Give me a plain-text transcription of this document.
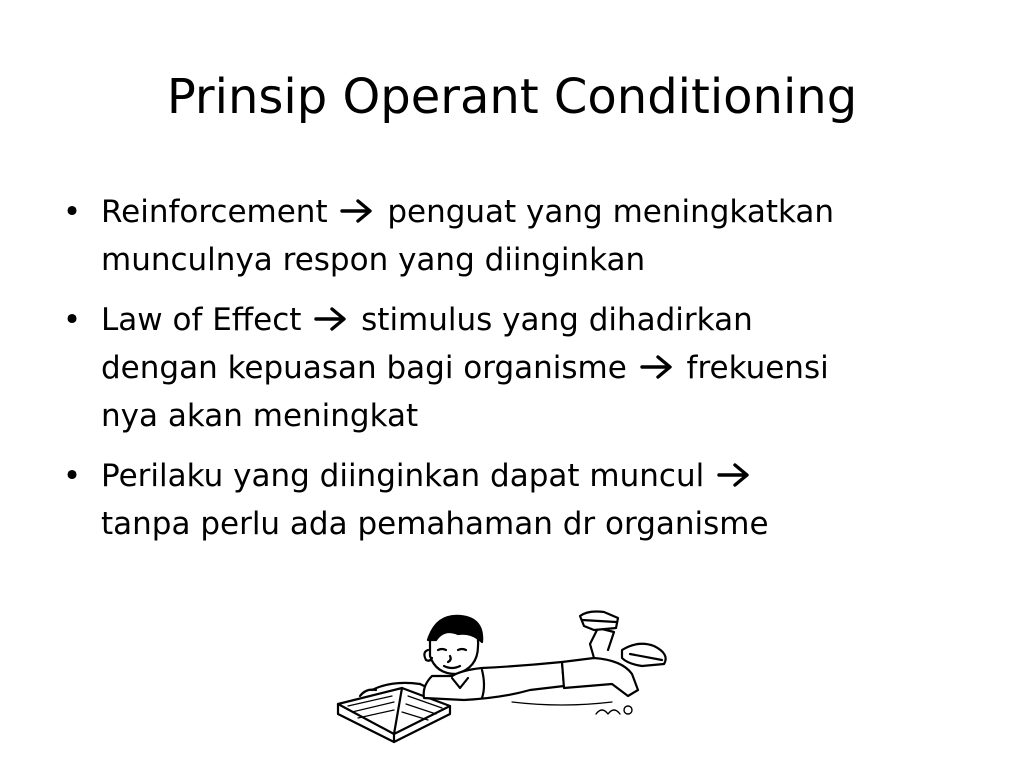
Prinsip Operant Conditioning
• Reinforcement  penguat yang meningkatkan
munculnya respon yang diinginkan
• Law of Effect  stimulus yang dihadirkan
dengan kepuasan bagi organisme  frekuensi
nya akan meningkat
• Perilaku yang diinginkan dapat muncul
tanpa perlu ada pemahaman dr organisme
